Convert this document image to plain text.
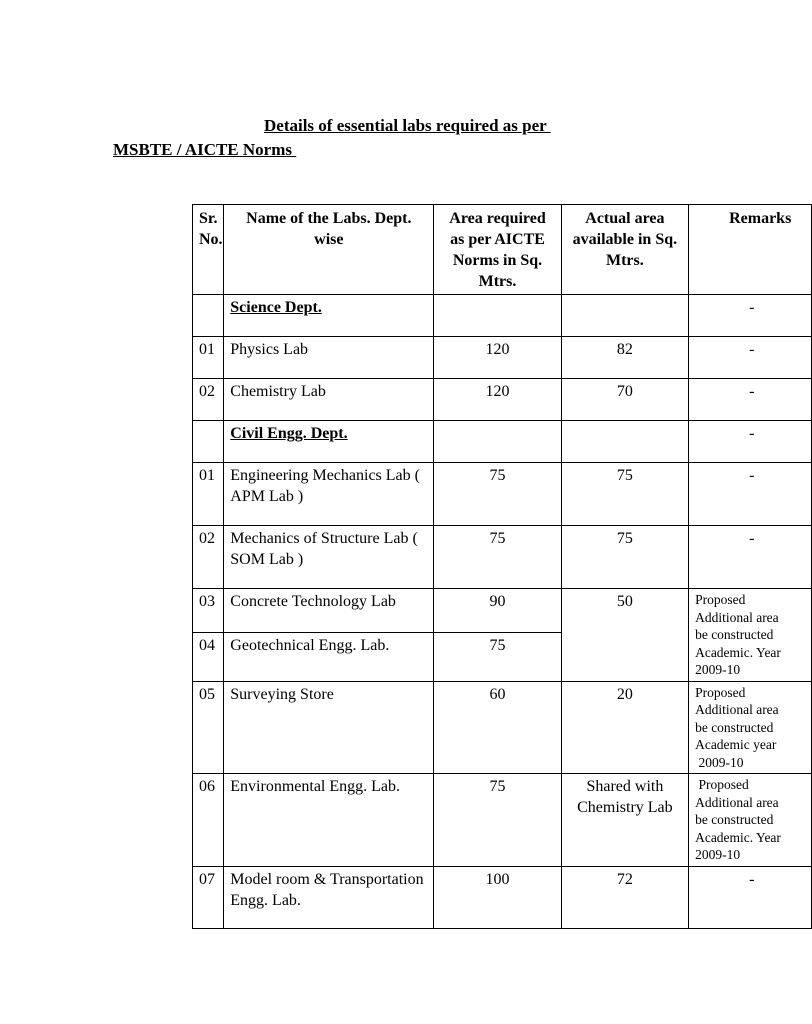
Details of essential labs required as per
MSBTE / AICTE Norms
Sr. No.	Name of the Labs. Dept. wise	Area required as per AICTE Norms in Sq. Mtrs.	Actual area available in Sq. Mtrs.	Remarks
	Science Dept.			-
01	Physics Lab	120	82	-
02	Chemistry Lab	120	70	-
	Civil Engg. Dept.			-
01	Engineering Mechanics Lab ( APM Lab )	75	75	-
02	Mechanics of Structure Lab ( SOM Lab )	75	75	-
03	Concrete Technology Lab	90	50	Proposed
Additional area
be constructed
Academic. Year
2009-10

04	Geotechnical Engg. Lab.	75		
05	Surveying Store	60	20	Proposed
Additional area
be constructed
Academic year
2009-10

06	Environmental Engg. Lab.	75	Shared with Chemistry Lab	Proposed
Additional area
be constructed
Academic. Year
2009-10

07	Model room & Transportation Engg. Lab.	100	72	-
